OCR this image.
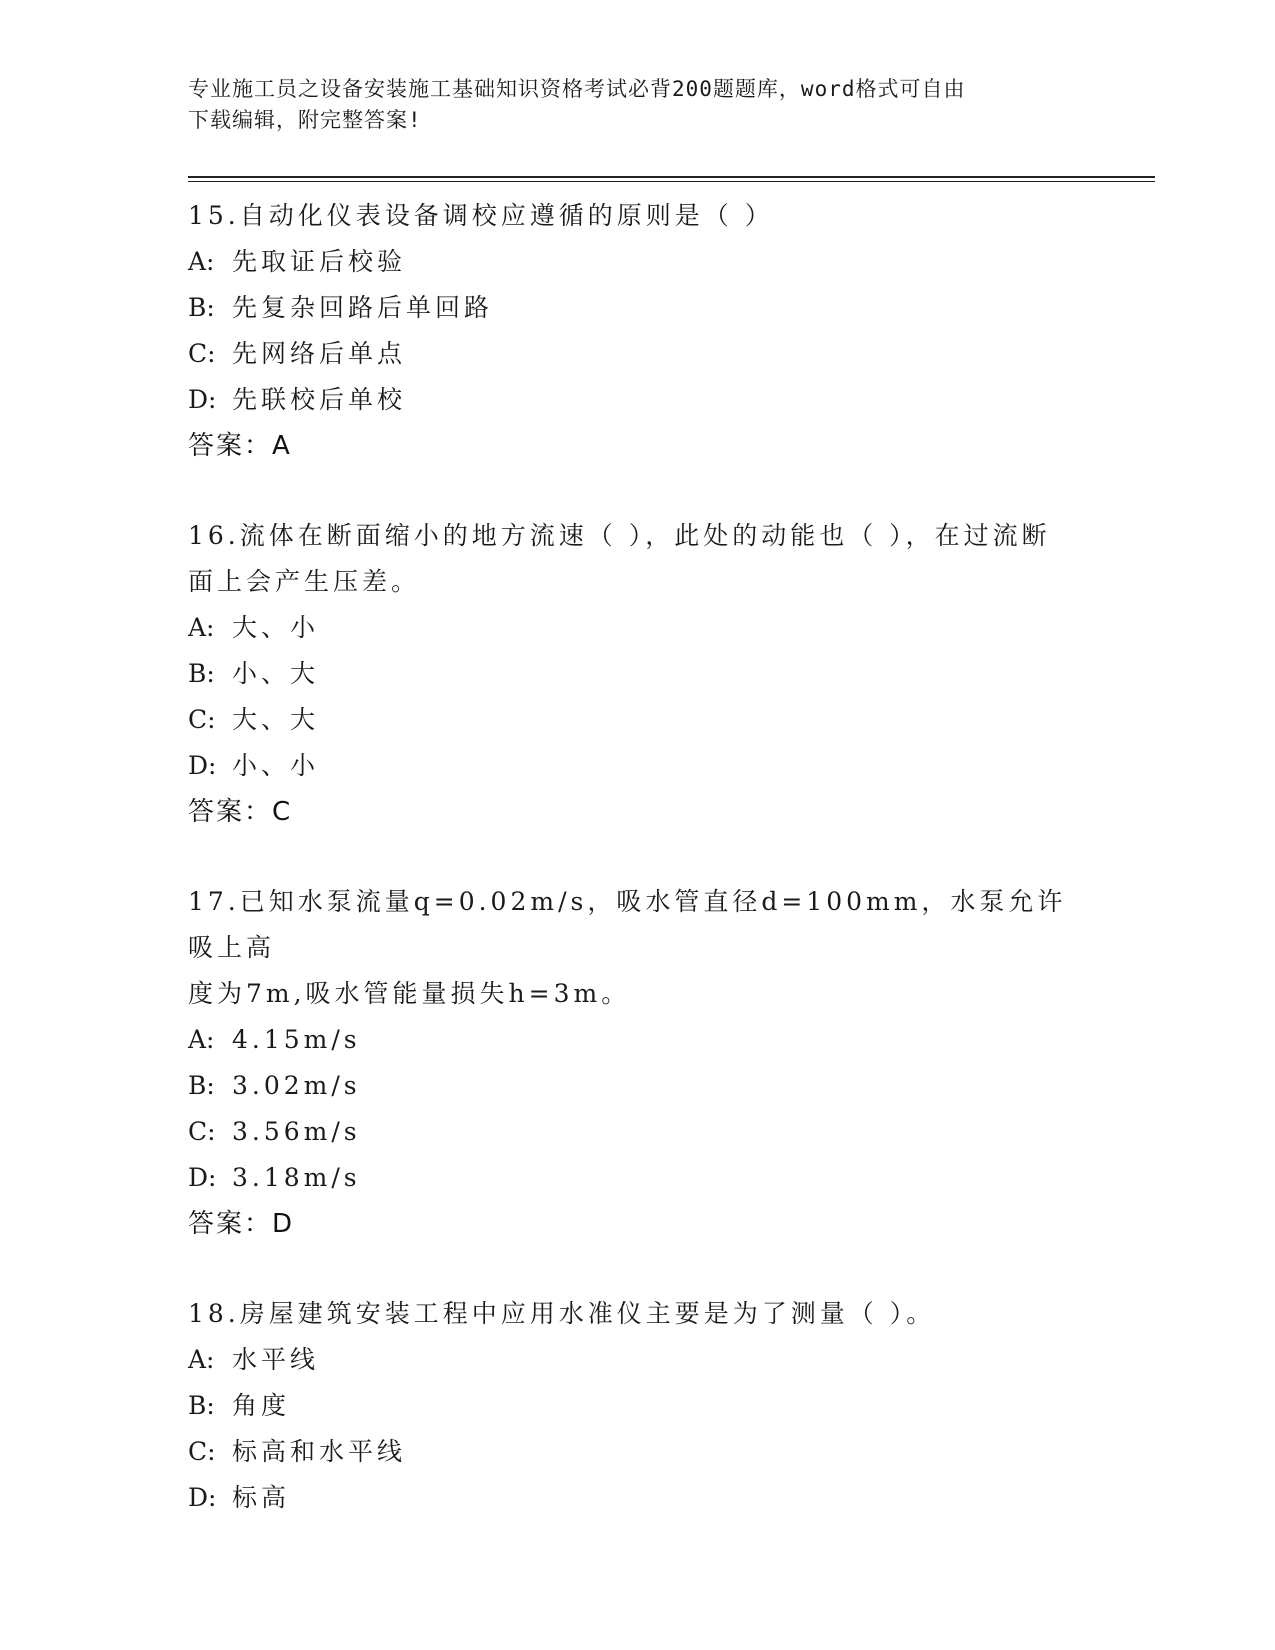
专业施工员之设备安装施工基础知识资格考试必背200题题库，word格式可自由
下载编辑，附完整答案!
15.自动化仪表设备调校应遵循的原则是（ ）
A: 先取证后校验
B: 先复杂回路后单回路
C: 先网络后单点
D: 先联校后单校
答案：A
16.流体在断面缩小的地方流速（ ），此处的动能也（ ），在过流断
面上会产生压差。
A: 大、小
B: 小、大
C: 大、大
D: 小、小
答案：C
17.已知水泵流量q=0.02m/s，吸水管直径d=100mm，水泵允许吸上高
度为7m,吸水管能量损失h=3m。
A: 4.15m/s
B: 3.02m/s
C: 3.56m/s
D: 3.18m/s
答案：D
18.房屋建筑安装工程中应用水准仪主要是为了测量（ ）。
A: 水平线
B: 角度
C: 标高和水平线
D: 标高
